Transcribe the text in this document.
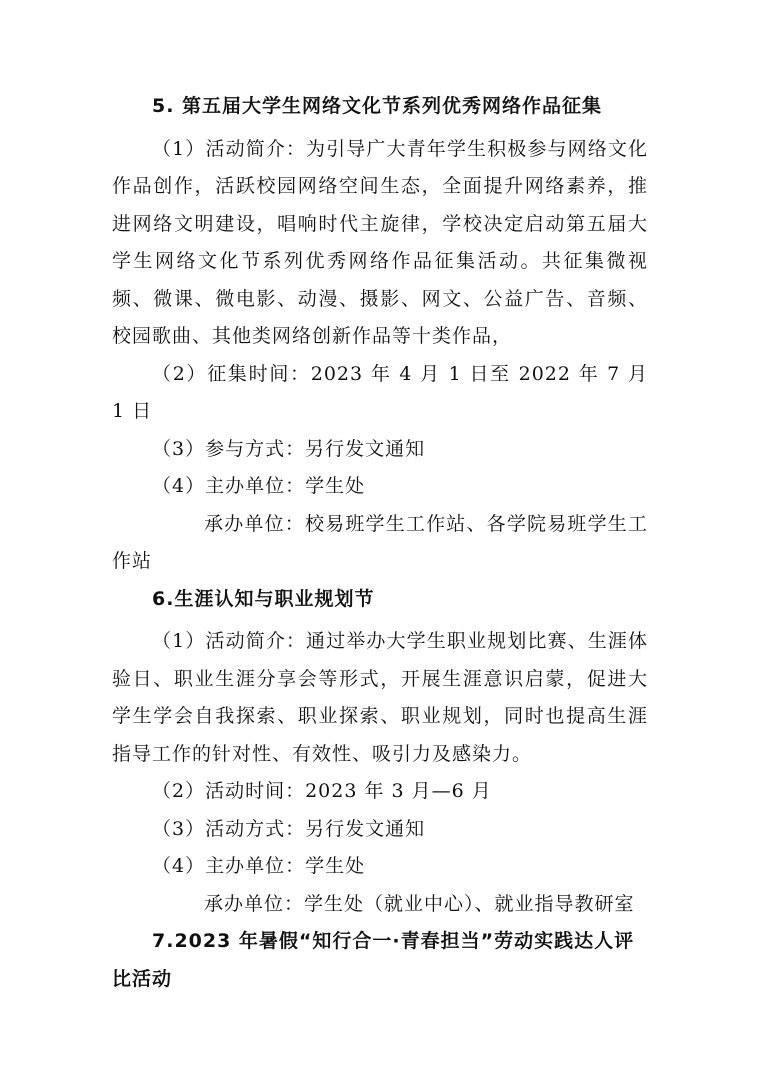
5. 第五届大学生网络文化节系列优秀网络作品征集

（1）活动简介：为引导广大青年学生积极参与网络文化作品创作，活跃校园网络空间生态，全面提升网络素养，推进网络文明建设，唱响时代主旋律，学校决定启动第五届大学生网络文化节系列优秀网络作品征集活动。共征集微视频、微课、微电影、动漫、摄影、网文、公益广告、音频、校园歌曲、其他类网络创新作品等十类作品，

（2）征集时间：2023 年 4 月 1 日至 2022 年 7 月 1 日

（3）参与方式：另行发文通知

（4）主办单位：学生处

承办单位：校易班学生工作站、各学院易班学生工作站

6.生涯认知与职业规划节

（1）活动简介：通过举办大学生职业规划比赛、生涯体验日、职业生涯分享会等形式，开展生涯意识启蒙，促进大学生学会自我探索、职业探索、职业规划，同时也提高生涯指导工作的针对性、有效性、吸引力及感染力。

（2）活动时间：2023 年 3 月—6 月

（3）活动方式：另行发文通知

（4）主办单位：学生处

承办单位：学生处（就业中心）、就业指导教研室

7.2023 年暑假“知行合一·青春担当”劳动实践达人评比活动
